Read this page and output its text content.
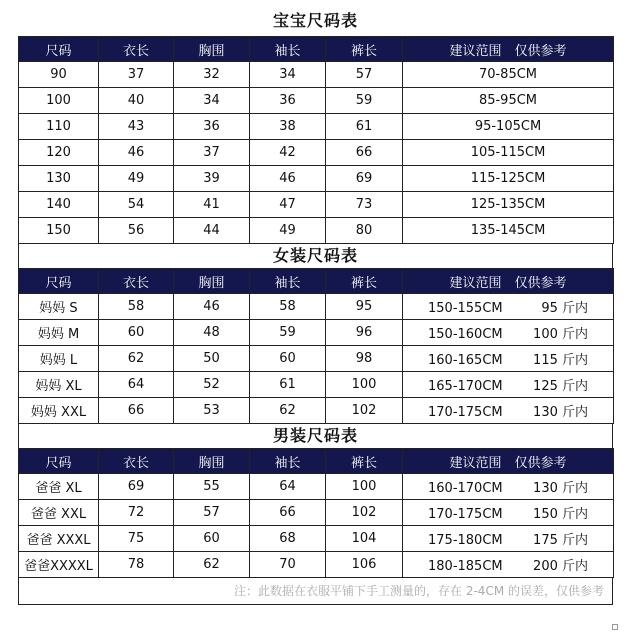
宝宝尺码表
尺码	衣长	胸围	袖长	裤长	建议范围　仅供参考
90	37	32	34	57	70-85CM
100	40	34	36	59	85-95CM
110	43	36	38	61	95-105CM
120	46	37	42	66	105-115CM
130	49	39	46	69	115-125CM
140	54	41	47	73	125-135CM
150	56	44	49	80	135-145CM
女装尺码表
尺码	衣长	胸围	袖长	裤长	建议范围　仅供参考
妈妈 S	58	46	58	95	150-155CM 95 斤内
妈妈 M	60	48	59	96	150-160CM 100 斤内
妈妈 L	62	50	60	98	160-165CM 115 斤内
妈妈 XL	64	52	61	100	165-170CM 125 斤内
妈妈 XXL	66	53	62	102	170-175CM 130 斤内
男装尺码表
尺码	衣长	胸围	袖长	裤长	建议范围　仅供参考
爸爸 XL	69	55	64	100	160-170CM 130 斤内
爸爸 XXL	72	57	66	102	170-175CM 150 斤内
爸爸 XXXL	75	60	68	104	175-180CM 175 斤内
爸爸XXXXL	78	62	70	106	180-185CM 200 斤内
注：此数据在衣服平铺下手工测量的，存在 2-4CM 的误差，仅供参考
